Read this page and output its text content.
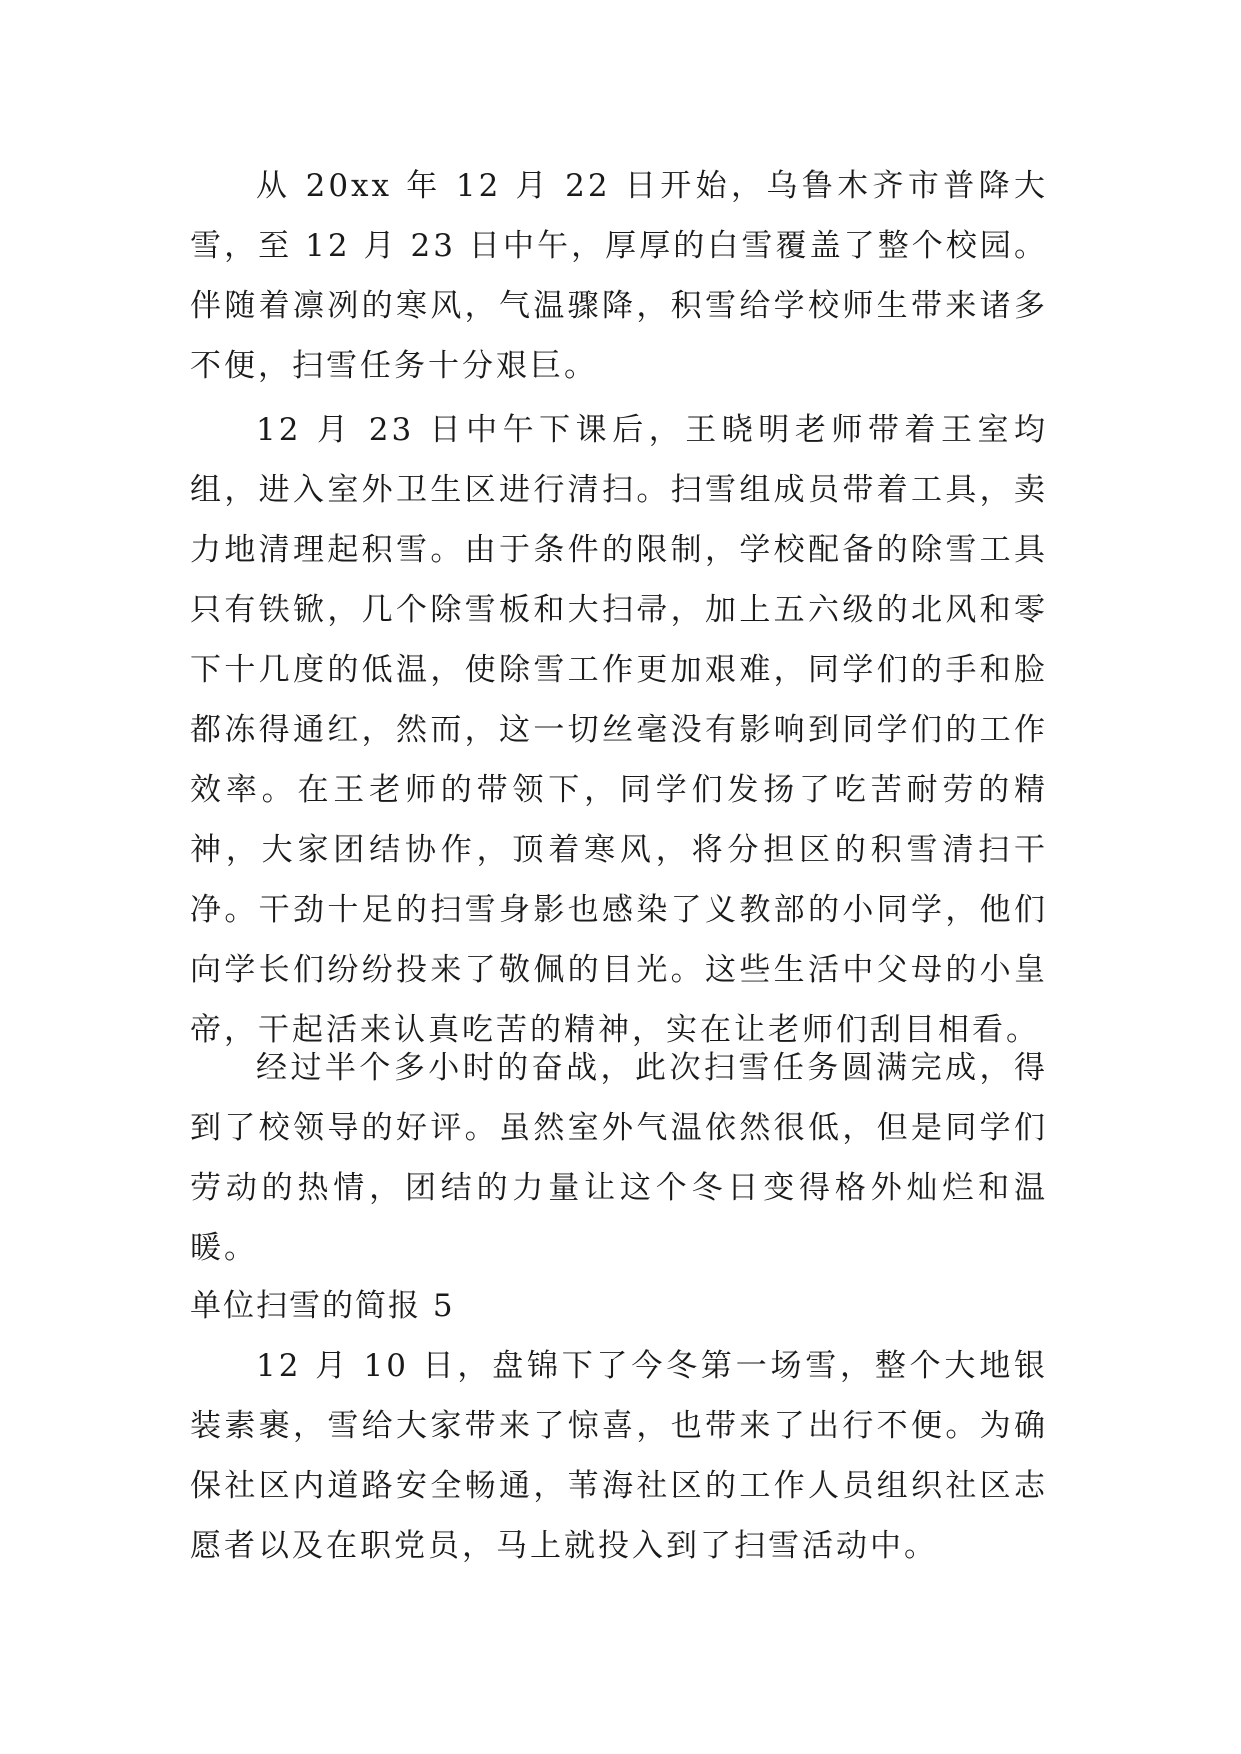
从 20xx 年 12 月 22 日开始，乌鲁木齐市普降大雪，至 12 月 23 日中午，厚厚的白雪覆盖了整个校园。伴随着凛冽的寒风，气温骤降，积雪给学校师生带来诸多不便，扫雪任务十分艰巨。

12 月 23 日中午下课后，王晓明老师带着王室均组，进入室外卫生区进行清扫。扫雪组成员带着工具，卖力地清理起积雪。由于条件的限制，学校配备的除雪工具只有铁锨，几个除雪板和大扫帚，加上五六级的北风和零下十几度的低温，使除雪工作更加艰难，同学们的手和脸都冻得通红，然而，这一切丝毫没有影响到同学们的工作效率。在王老师的带领下，同学们发扬了吃苦耐劳的精神，大家团结协作，顶着寒风，将分担区的积雪清扫干净。干劲十足的扫雪身影也感染了义教部的小同学，他们向学长们纷纷投来了敬佩的目光。这些生活中父母的小皇帝，干起活来认真吃苦的精神，实在让老师们刮目相看。

经过半个多小时的奋战，此次扫雪任务圆满完成，得到了校领导的好评。虽然室外气温依然很低，但是同学们劳动的热情，团结的力量让这个冬日变得格外灿烂和温暖。

单位扫雪的简报 5

12 月 10 日，盘锦下了今冬第一场雪，整个大地银装素裹，雪给大家带来了惊喜，也带来了出行不便。为确保社区内道路安全畅通，苇海社区的工作人员组织社区志愿者以及在职党员，马上就投入到了扫雪活动中。
